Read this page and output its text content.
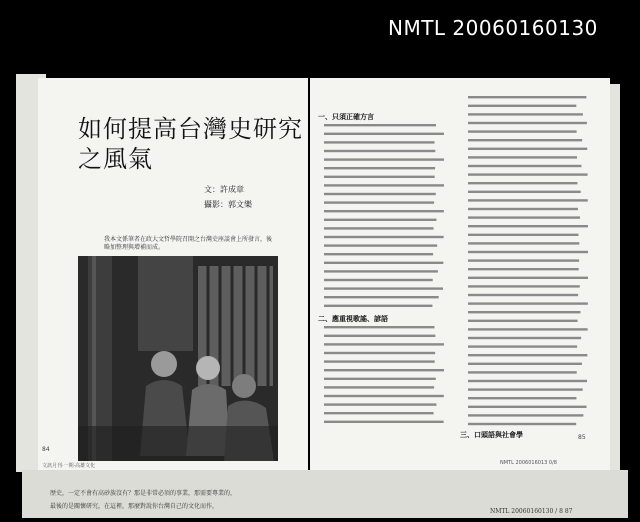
NMTL 20060160130
歷史，一定不會有高砂族沒有？那是非常必須的事業，那需要專業的，
最後的是關懷研究，在這裡，那麼對說你台灣自己的文化而作，
NMTL 20060160130 / 8 87
如何提高台灣史研究
之風氣
文：許成章
攝影：郭文樂
我本文係筆者在政大文哲學院召開之台灣史座談會上所發言，後略加整理與增補而成。
84
文訊月刊·一期·高雄文化
一、只須正確方言
二、應重視歌謠、諺語
三、口頭語與社會學	85
NMTL 2006016013 0/8
